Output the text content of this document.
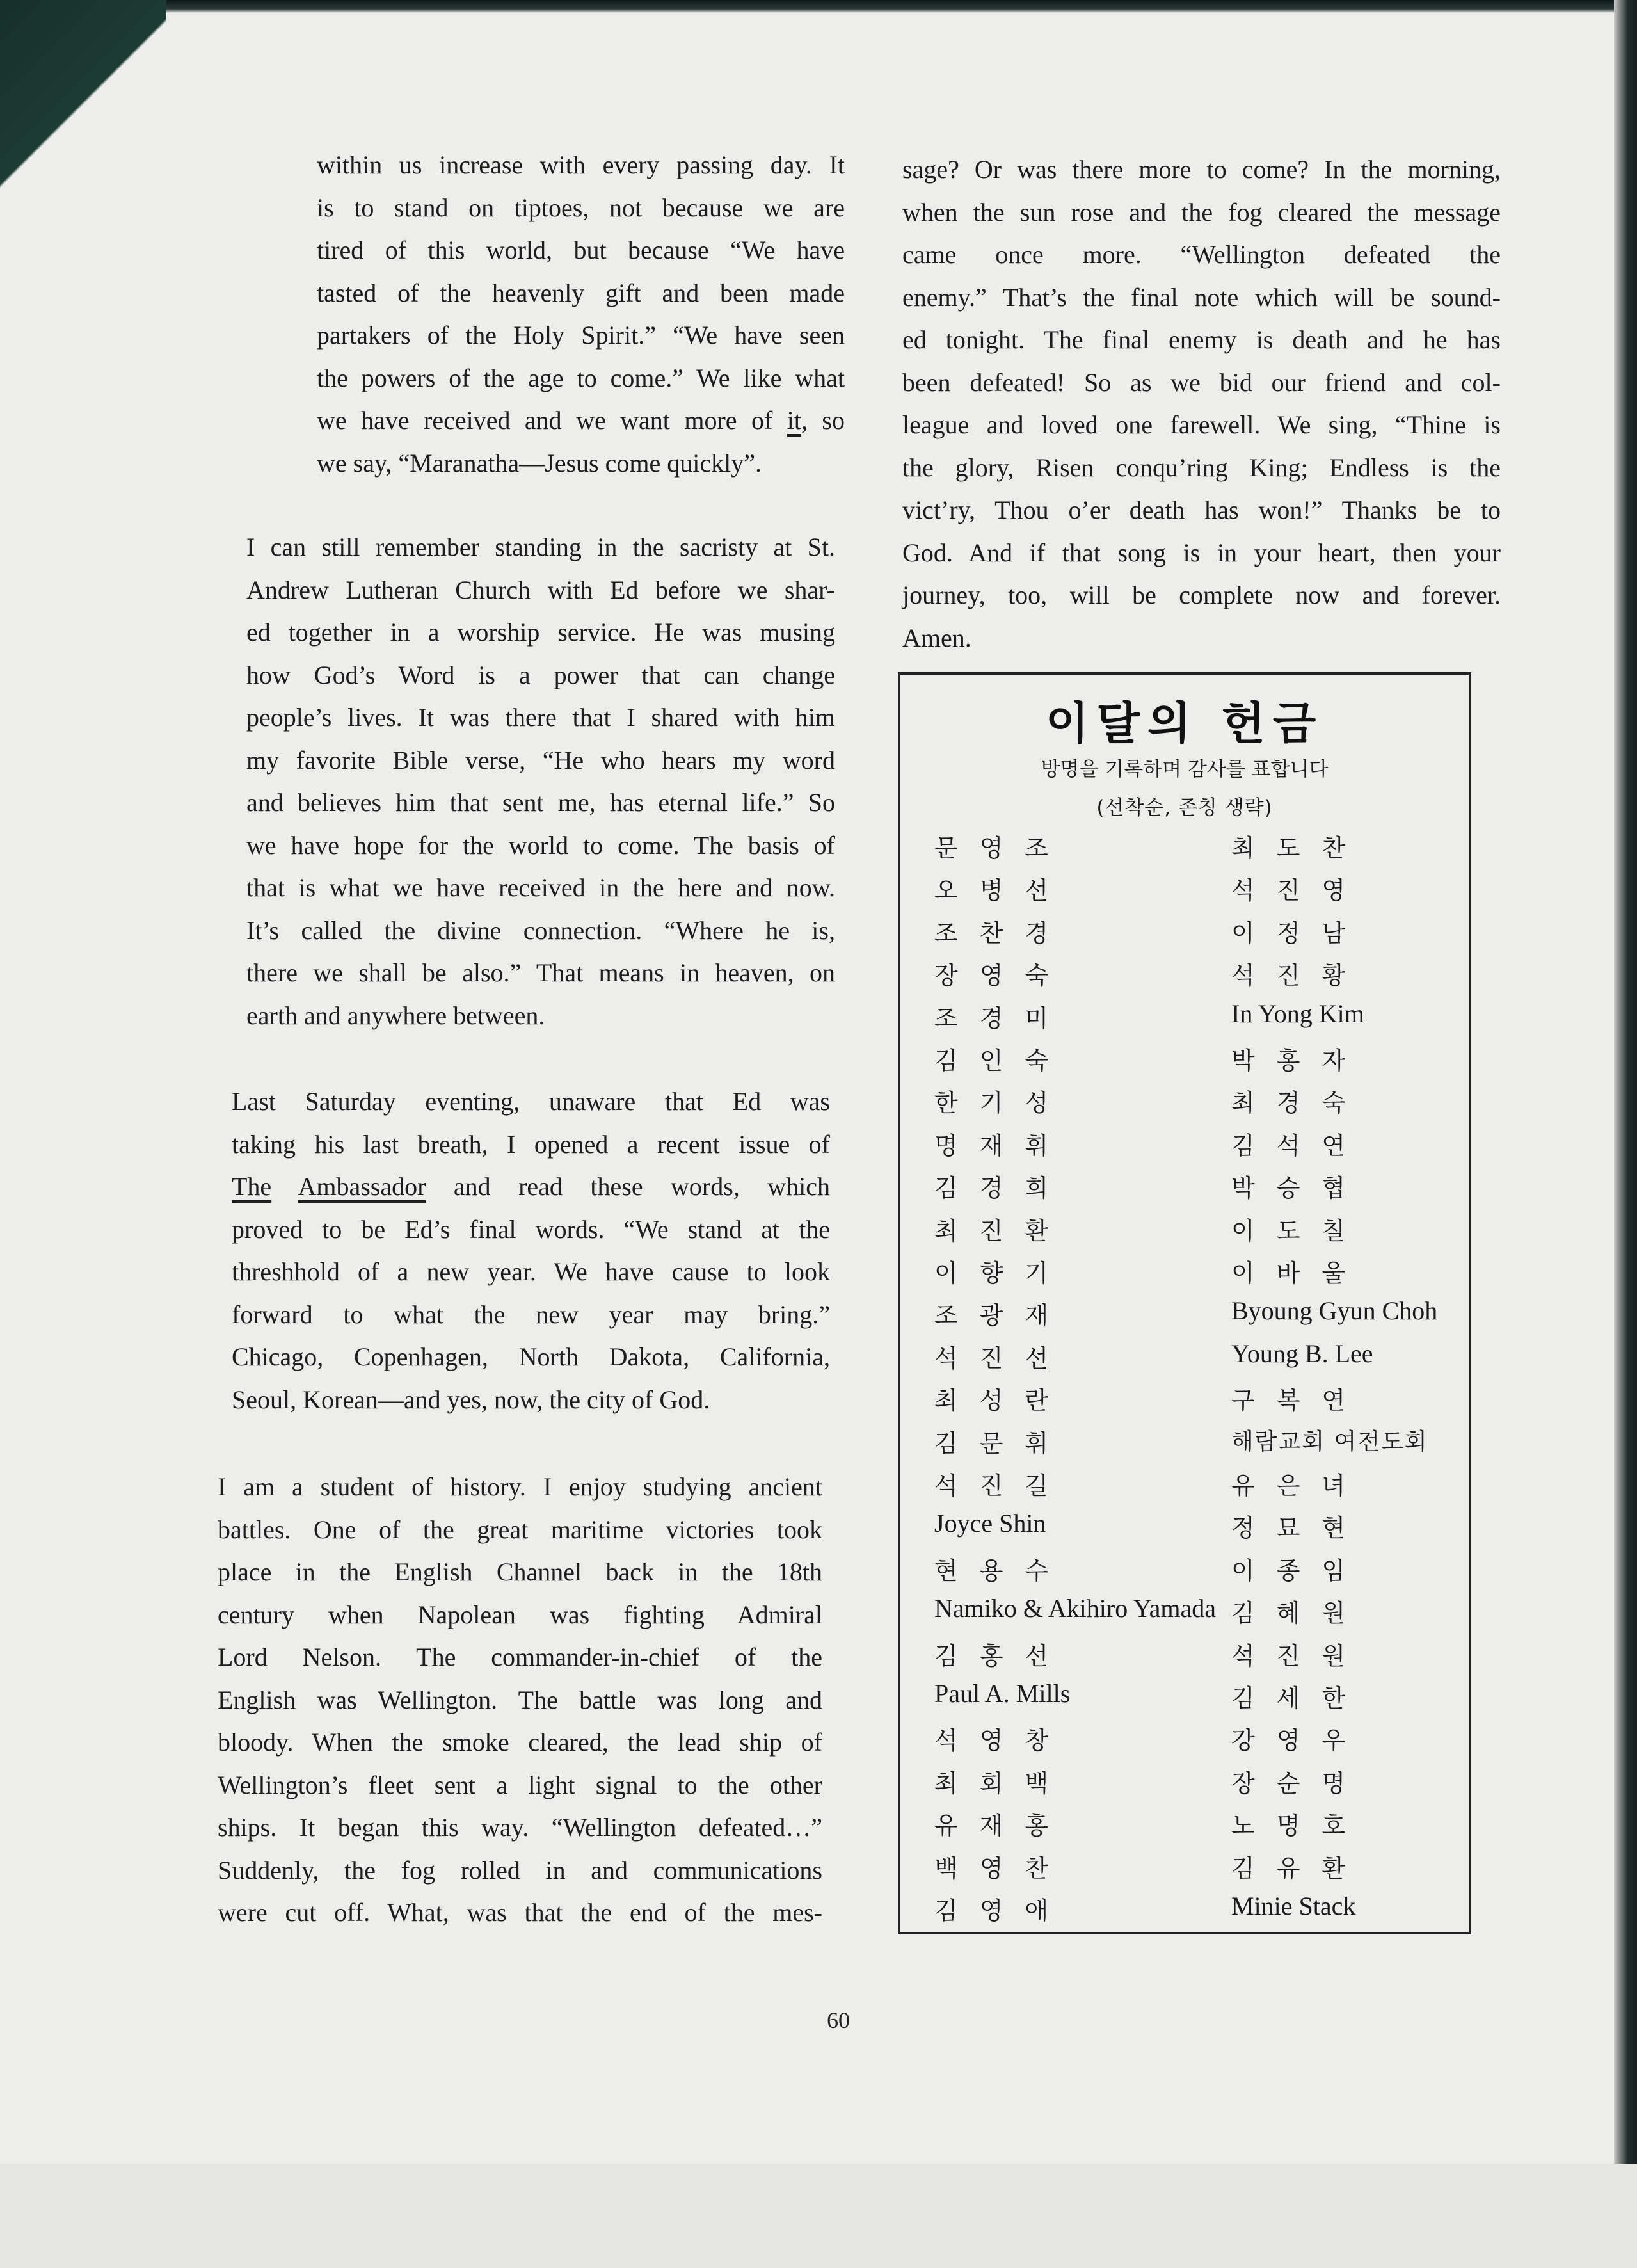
within us increase with every passing day. It

is to stand on tiptoes, not because we are

tired of this world, but because “We have

tasted of the heavenly gift and been made

partakers of the Holy Spirit.” “We have seen

the powers of the age to come.” We like what

we have received and we want more of it, so

we say, “Maranatha—Jesus come quickly”.

I can still remember standing in the sacristy at St.

Andrew Lutheran Church with Ed before we shar-

ed together in a worship service. He was musing

how God’s Word is a power that can change

people’s lives. It was there that I shared with him

my favorite Bible verse, “He who hears my word

and believes him that sent me, has eternal life.” So

we have hope for the world to come. The basis of

that is what we have received in the here and now.

It’s called the divine connection. “Where he is,

there we shall be also.” That means in heaven, on

earth and anywhere between.

Last Saturday eventing, unaware that Ed was

taking his last breath, I opened a recent issue of

The Ambassador and read these words, which

proved to be Ed’s final words. “We stand at the

threshhold of a new year. We have cause to look

forward to what the new year may bring.”

Chicago, Copenhagen, North Dakota, California,

Seoul, Korean—and yes, now, the city of God.

I am a student of history. I enjoy studying ancient

battles. One of the great maritime victories took

place in the English Channel back in the 18th

century when Napolean was fighting Admiral

Lord Nelson. The commander-in-chief of the

English was Wellington. The battle was long and

bloody. When the smoke cleared, the lead ship of

Wellington’s fleet sent a light signal to the other

ships. It began this way. “Wellington defeated…”

Suddenly, the fog rolled in and communications

were cut off. What, was that the end of the mes-

sage? Or was there more to come? In the morning,

when the sun rose and the fog cleared the message

came once more. “Wellington defeated the

enemy.” That’s the final note which will be sound-

ed tonight. The final enemy is death and he has

been defeated! So as we bid our friend and col-

league and loved one farewell. We sing, “Thine is

the glory, Risen conqu’ring King; Endless is the

vict’ry, Thou o’er death has won!” Thanks be to

God. And if that song is in your heart, then your

journey, too, will be complete now and forever.

Amen.

이달의 헌금
방명을 기록하며 감사를 표합니다
(선착순, 존칭 생략)
문영조	최도찬
오병선	석진영
조찬경	이정남
장영숙	석진황
조경미	In Yong Kim
김인숙	박홍자
한기성	최경숙
명재휘	김석연
김경희	박승협
최진환	이도칠
이향기	이바울
조광재	Byoung Gyun Choh
석진선	Young B. Lee
최성란	구복연
김문휘	해람교회 여전도회
석진길	유은녀
Joyce Shin	정묘현
현용수	이종임
Namiko & Akihiro Yamada 김혜원
김홍선	석진원
Paul A. Mills	김세한
석영창	강영우
최회백	장순명
유재홍	노명호
백영찬	김유환
김영애	Minie Stack
60
